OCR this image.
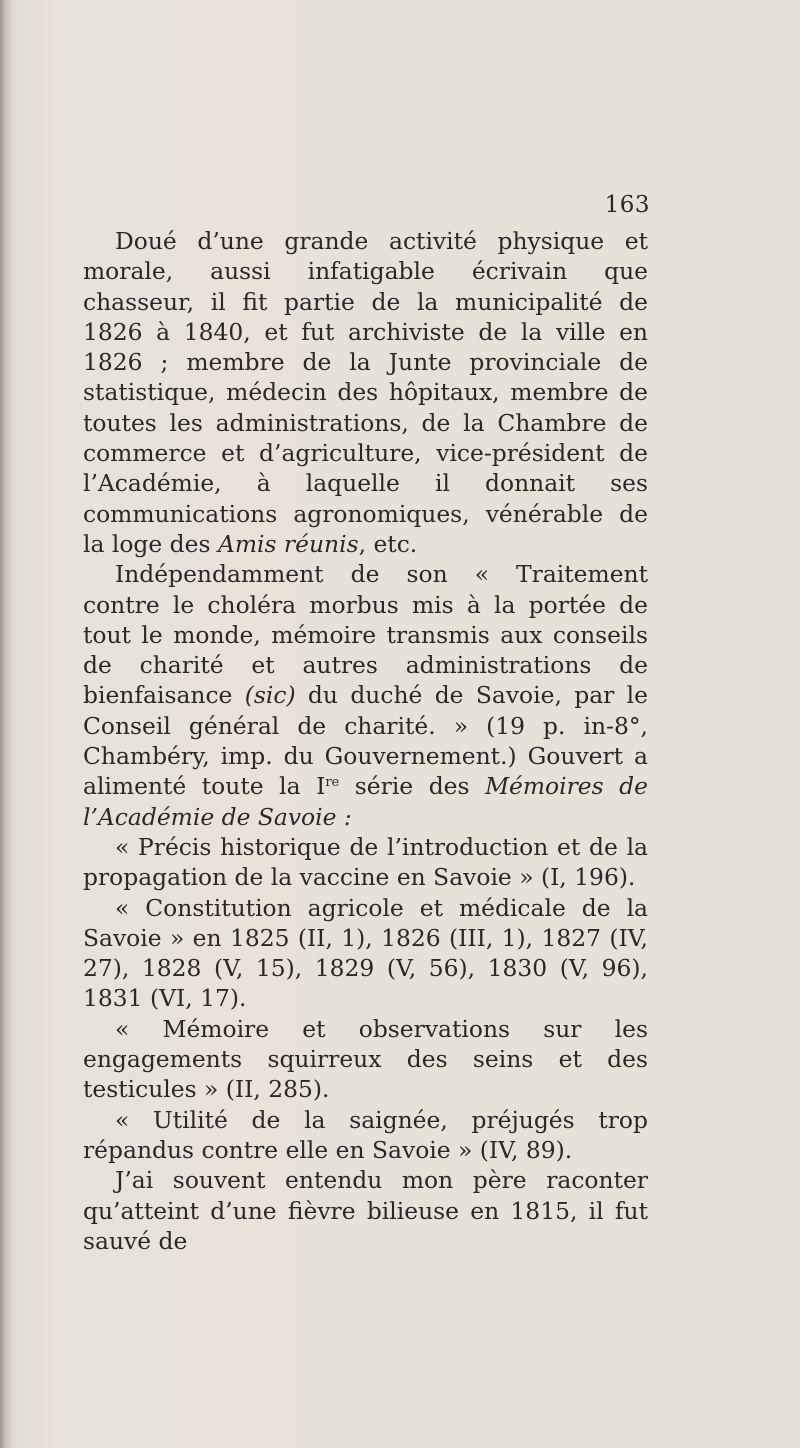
163

Doué d’une grande activité physique et morale, aussi infatigable écrivain que chasseur, il fit partie de la municipalité de 1826 à 1840, et fut archiviste de la ville en 1826 ; membre de la Junte provinciale de statistique, médecin des hôpitaux, membre de toutes les administrations, de la Chambre de commerce et d’agriculture, vice-président de l’Académie, à laquelle il donnait ses communications agronomiques, vénérable de la loge des Amis réunis, etc.

Indépendamment de son « Traitement contre le choléra morbus mis à la portée de tout le monde, mémoire transmis aux conseils de charité et autres administrations de bienfaisance (sic) du duché de Savoie, par le Conseil général de charité. » (19 p. in-8°, Chambéry, imp. du Gouvernement.) Gouvert a alimenté toute la Ire série des Mémoires de l’Académie de Savoie :

« Précis historique de l’introduction et de la propagation de la vaccine en Savoie » (I, 196).

« Constitution agricole et médicale de la Savoie » en 1825 (II, 1), 1826 (III, 1), 1827 (IV, 27), 1828 (V, 15), 1829 (V, 56), 1830 (V, 96), 1831 (VI, 17).

« Mémoire et observations sur les engagements squirreux des seins et des testicules » (II, 285).

« Utilité de la saignée, préjugés trop répandus contre elle en Savoie » (IV, 89).

J’ai souvent entendu mon père raconter qu’atteint d’une fièvre bilieuse en 1815, il fut sauvé de
